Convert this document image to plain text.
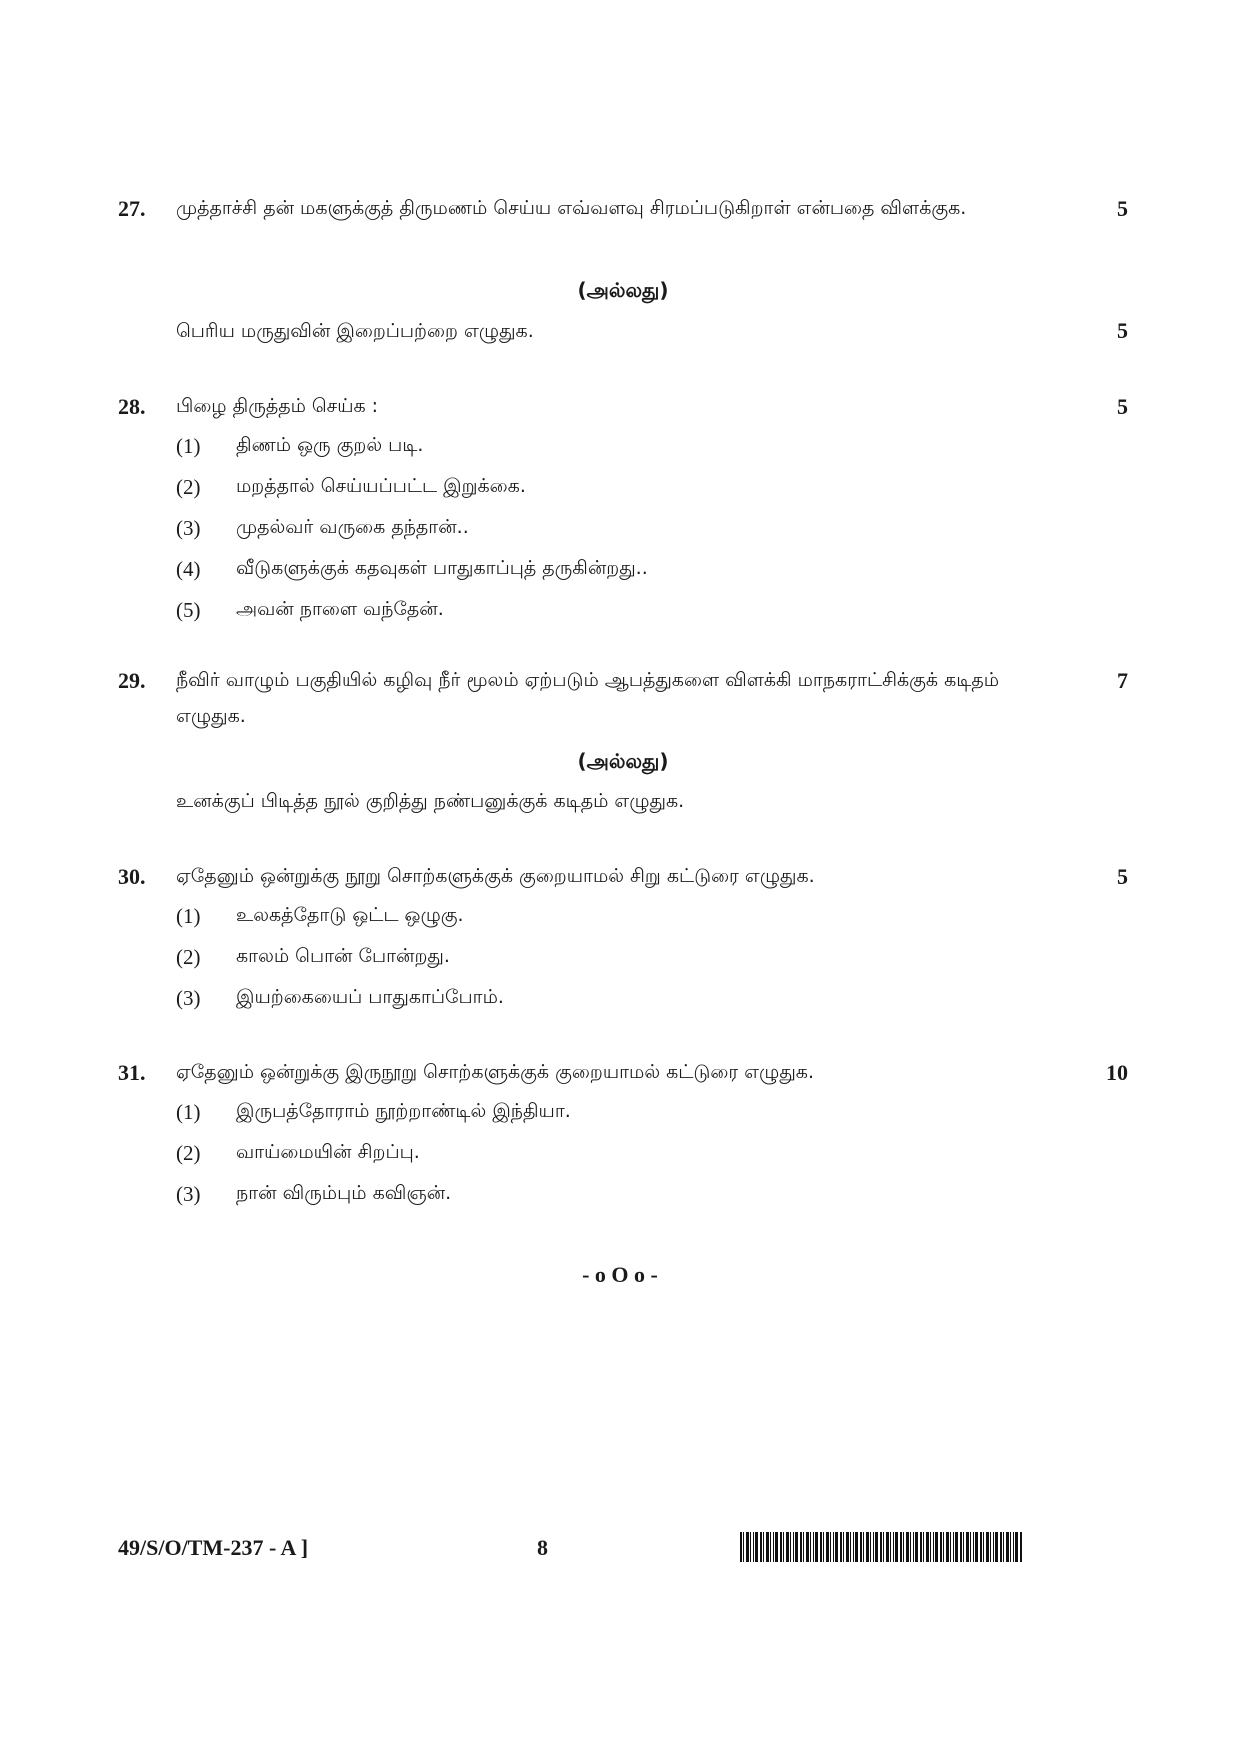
27. முத்தாச்சி தன் மகளுக்குத் திருமணம் செய்ய எவ்வளவு சிரமப்படுகிறாள் என்பதை விளக்குக.	5
(அல்லது)
பெரிய மருதுவின் இறைப்பற்றை எழுதுக.	5
28. பிழை திருத்தம் செய்க :	5
(1) திணம் ஒரு குறல் படி.
(2) மறத்தால் செய்யப்பட்ட இறுக்கை.
(3) முதல்வர் வருகை தந்தான்..
(4) வீடுகளுக்குக் கதவுகள் பாதுகாப்புத் தருகின்றது..
(5) அவன் நாளை வந்தேன்.
29. நீவிர் வாழும் பகுதியில் கழிவு நீர் மூலம் ஏற்படும் ஆபத்துகளை விளக்கி மாநகராட்சிக்குக் கடிதம் எழுதுக.
7
(அல்லது)
உனக்குப் பிடித்த நூல் குறித்து நண்பனுக்குக் கடிதம் எழுதுக.
30. ஏதேனும் ஒன்றுக்கு நூறு சொற்களுக்குக் குறையாமல் சிறு கட்டுரை எழுதுக.	5
(1) உலகத்தோடு ஒட்ட ஒழுகு.
(2) காலம் பொன் போன்றது.
(3) இயற்கையைப் பாதுகாப்போம்.
31. ஏதேனும் ஒன்றுக்கு இருநூறு சொற்களுக்குக் குறையாமல் கட்டுரை எழுதுக.	10
(1) இருபத்தோராம் நூற்றாண்டில் இந்தியா.
(2) வாய்மையின் சிறப்பு.
(3) நான் விரும்பும் கவிஞன்.
- o O o -
49/S/O/TM-237 - A ]	8
